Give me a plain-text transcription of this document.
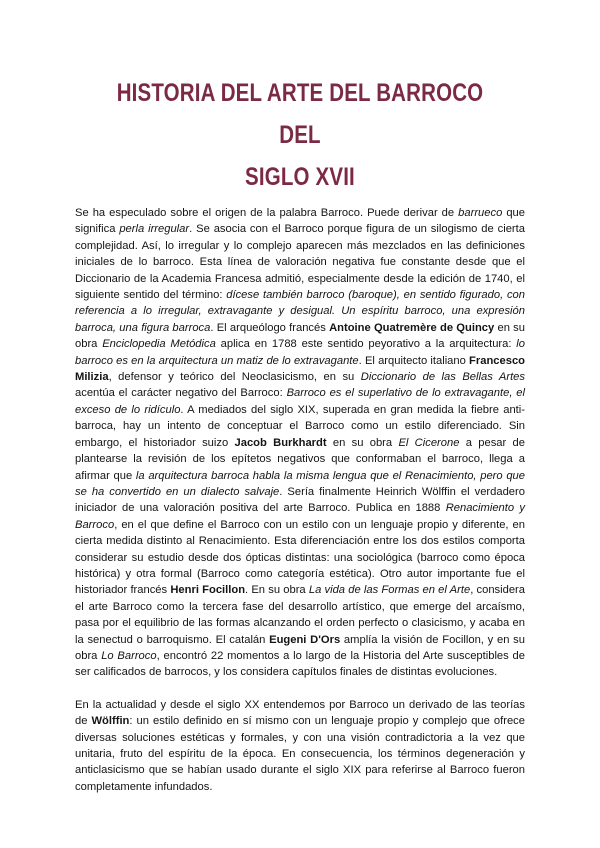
HISTORIA DEL ARTE DEL BARROCO DEL
SIGLO XVII

Se ha especulado sobre el origen de la palabra Barroco. Puede derivar de barrueco que significa perla irregular. Se asocia con el Barroco porque figura de un silogismo de cierta complejidad. Así, lo irregular y lo complejo aparecen más mezclados en las definiciones iniciales de lo barroco. Esta línea de valoración negativa fue constante desde que el Diccionario de la Academia Francesa admitió, especialmente desde la edición de 1740, el siguiente sentido del término: dícese también barroco (baroque), en sentido figurado, con referencia a lo irregular, extravagante y desigual. Un espíritu barroco, una expresión barroca, una figura barroca. El arqueólogo francés Antoine Quatremère de Quincy en su obra Enciclopedia Metódica aplica en 1788 este sentido peyorativo a la arquitectura: lo barroco es en la arquitectura un matiz de lo extravagante. El arquitecto italiano Francesco Milizia, defensor y teórico del Neoclasicismo, en su Diccionario de las Bellas Artes acentúa el carácter negativo del Barroco: Barroco es el superlativo de lo extravagante, el exceso de lo ridículo. A mediados del siglo XIX, superada en gran medida la fiebre anti-barroca, hay un intento de conceptuar el Barroco como un estilo diferenciado. Sin embargo, el historiador suizo Jacob Burkhardt en su obra El Cicerone a pesar de plantearse la revisión de los epítetos negativos que conformaban el barroco, llega a afirmar que la arquitectura barroca habla la misma lengua que el Renacimiento, pero que se ha convertido en un dialecto salvaje. Sería finalmente Heinrich Wölffin el verdadero iniciador de una valoración positiva del arte Barroco. Publica en 1888 Renacimiento y Barroco, en el que define el Barroco con un estilo con un lenguaje propio y diferente, en cierta medida distinto al Renacimiento. Esta diferenciación entre los dos estilos comporta considerar su estudio desde dos ópticas distintas: una sociológica (barroco como época histórica) y otra formal (Barroco como categoría estética). Otro autor importante fue el historiador francés Henri Focillon. En su obra La vida de las Formas en el Arte, considera el arte Barroco como la tercera fase del desarrollo artístico, que emerge del arcaísmo, pasa por el equilibrio de las formas alcanzando el orden perfecto o clasicismo, y acaba en la senectud o barroquismo. El catalán Eugeni D'Ors amplía la visión de Focillon, y en su obra Lo Barroco, encontró 22 momentos a lo largo de la Historia del Arte susceptibles de ser calificados de barrocos, y los considera capítulos finales de distintas evoluciones.

En la actualidad y desde el siglo XX entendemos por Barroco un derivado de las teorías de Wölffin: un estilo definido en sí mismo con un lenguaje propio y complejo que ofrece diversas soluciones estéticas y formales, y con una visión contradictoria a la vez que unitaria, fruto del espíritu de la época. En consecuencia, los términos degeneración y anticlasicismo que se habían usado durante el siglo XIX para referirse al Barroco fueron completamente infundados.
